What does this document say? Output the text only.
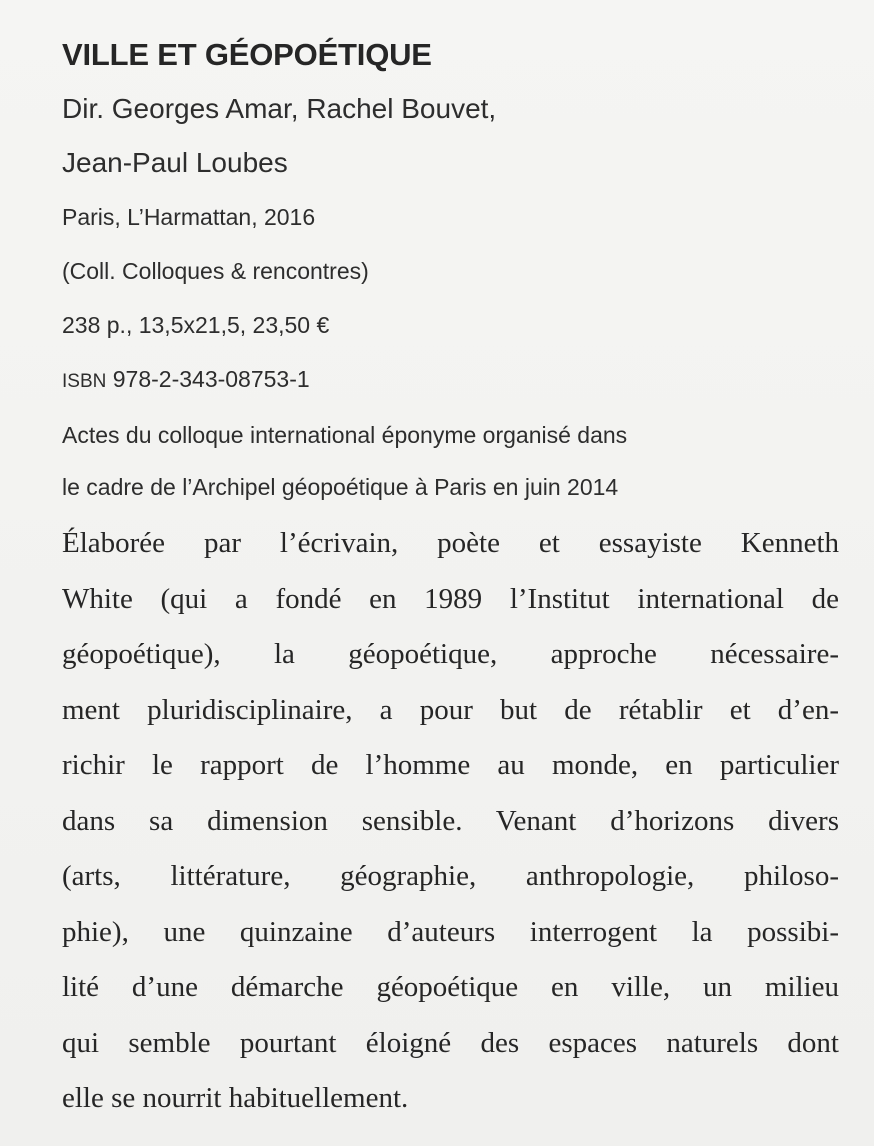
VILLE ET GÉOPOÉTIQUE
Dir. Georges Amar, Rachel Bouvet,
Jean-Paul Loubes
Paris, L’Harmattan, 2016
(Coll. Colloques & rencontres)
238 p., 13,5x21,5, 23,50 €
ISBN 978-2-343-08753-1
Actes du colloque international éponyme organisé dans
le cadre de l’Archipel géopoétique à Paris en juin 2014
Élaborée par l’écrivain, poète et essayiste Kenneth
White (qui a fondé en 1989 l’Institut international de
géopoétique), la géopoétique, approche nécessaire-
ment pluridisciplinaire, a pour but de rétablir et d’en-
richir le rapport de l’homme au monde, en particulier
dans sa dimension sensible. Venant d’horizons divers
(arts, littérature, géographie, anthropologie, philoso-
phie), une quinzaine d’auteurs interrogent la possibi-
lité d’une démarche géopoétique en ville, un milieu
qui semble pourtant éloigné des espaces naturels dont
elle se nourrit habituellement.
